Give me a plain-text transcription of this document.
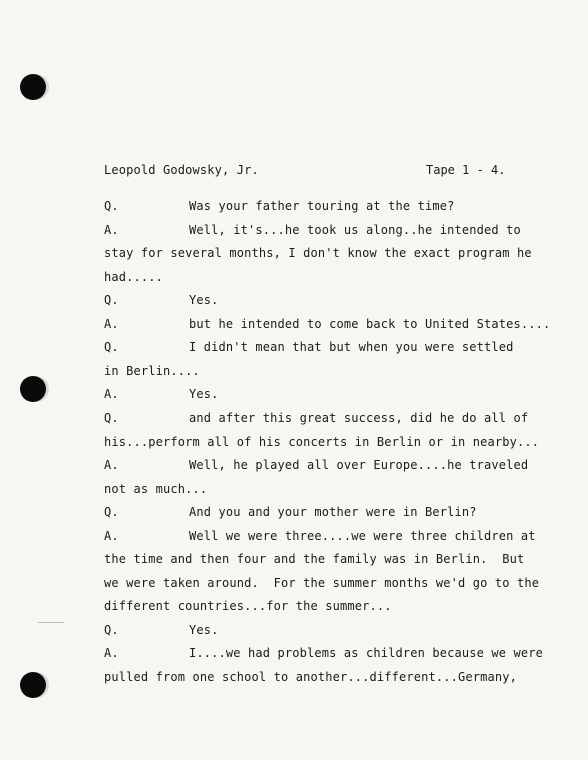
Leopold Godowsky, Jr.	Tape 1 - 4.
Q.	Was your father touring at the time?
A.	Well, it's...he took us along..he intended to
stay for several months, I don't know the exact program he
had.....
Q.	Yes.
A.	but he intended to come back to United States....
Q.	I didn't mean that but when you were settled
in Berlin....
A.	Yes.
Q.	and after this great success, did he do all of
his...perform all of his concerts in Berlin or in nearby...
A.	Well, he played all over Europe....he traveled
not as much...
Q.	And you and your mother were in Berlin?
A.	Well we were three....we were three children at
the time and then four and the family was in Berlin.  But
we were taken around.  For the summer months we'd go to the
different countries...for the summer...
Q.	Yes.
A.	I....we had problems as children because we were
pulled from one school to another...different...Germany,
